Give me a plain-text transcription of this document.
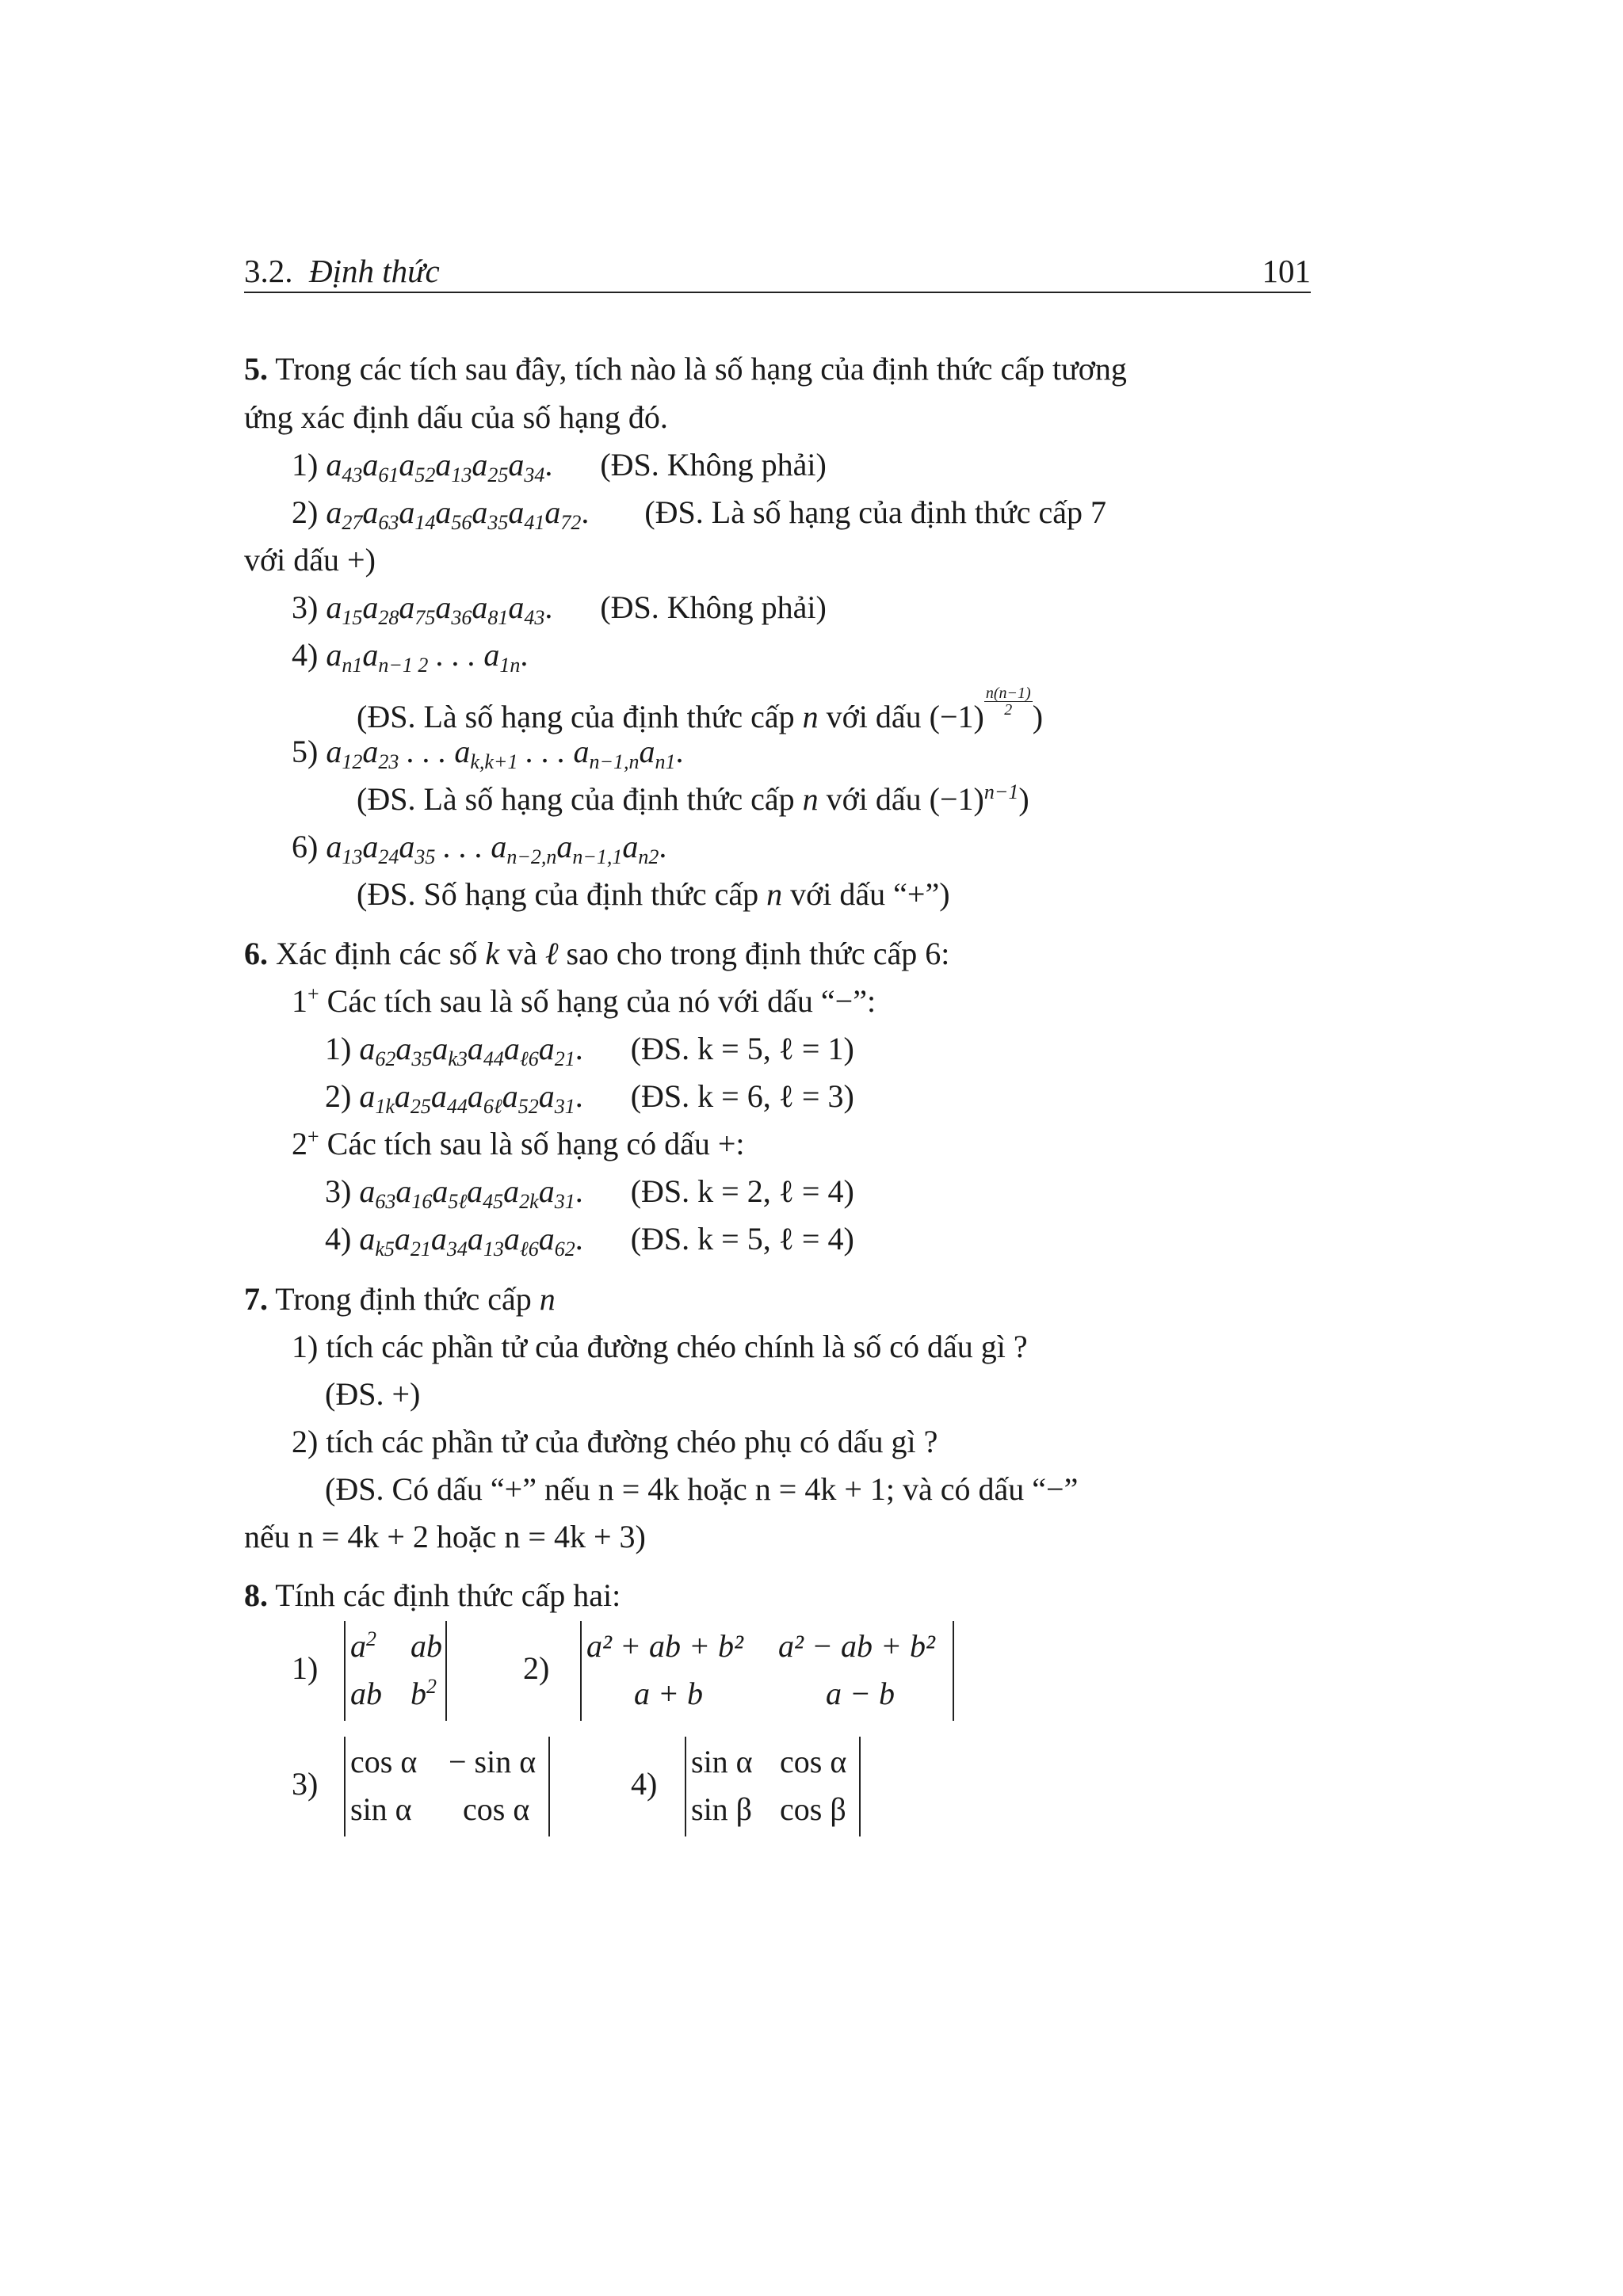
3.2. Định thức	101
5. Trong các tích sau đây, tích nào là số hạng của định thức cấp tương
ứng xác định dấu của số hạng đó.
1) $a_{43}a_{61}a_{52}a_{13}a_{25}a_{34}$. (ĐS. Không phải)
2) $a_{27}a_{63}a_{14}a_{56}a_{35}a_{41}a_{72}$. (ĐS. Là số hạng của định thức cấp 7
với dấu +)
3) $a_{15}a_{28}a_{75}a_{36}a_{81}a_{43}$. (ĐS. Không phải)
4) $a_{n1}a_{n-1 2}$ . . . $a_{1n}$.
(ĐS. Là số hạng của định thức cấp n với dấu $(-1) \frac{n(n-1)}{2}$ )
5) $a_{12}a_{23}$ . . . $a_{k,k+1}$ . . . $a_{n-1,n}a_{n1}$.
(ĐS. Là số hạng của định thức cấp n với dấu $(-1)^{n-1}$)
6) $a_{13}a_{24}a_{35}$ . . . $a_{n-2,n}a_{n-1,1}a_{n2}$.
(ĐS. Số hạng của định thức cấp n với dấu “+”)
6. Xác định các số k và ℓ sao cho trong định thức cấp 6:
1+ Các tích sau là số hạng của nó với dấu “−”:
1) $a_{62}a_{35}a_{k3}a_{44}a_{\ell 6}a_{21}$. (ĐS. k = 5, ℓ = 1)
2) $a_{1k}a_{25}a_{44}a_{6\ell}a_{52}a_{31}$. (ĐS. k = 6, ℓ = 3)
2+ Các tích sau là số hạng có dấu +:
3) $a_{63}a_{16}a_{5\ell}a_{45}a_{2k}a_{31}$. (ĐS. k = 2, ℓ = 4)
4) $a_{k5}a_{21}a_{34}a_{13}a_{\ell 6}a_{62}$. (ĐS. k = 5, ℓ = 4)
7. Trong định thức cấp n
1) tích các phần tử của đường chéo chính là số có dấu gì ?
(ĐS. +)
2) tích các phần tử của đường chéo phụ có dấu gì ?
(ĐS. Có dấu “+” nếu n = 4k hoặc n = 4k + 1; và có dấu “−”
nếu n = 4k + 2 hoặc n = 4k + 3)
8. Tính các định thức cấp hai:
1)
$a^2$ ab
ab $b^2$
2)
a² + ab + b² a² − ab + b²
a + b	a − b
3)
cos α − sin α
sin α cos α
4)
sin α cos α
sin β cos β
